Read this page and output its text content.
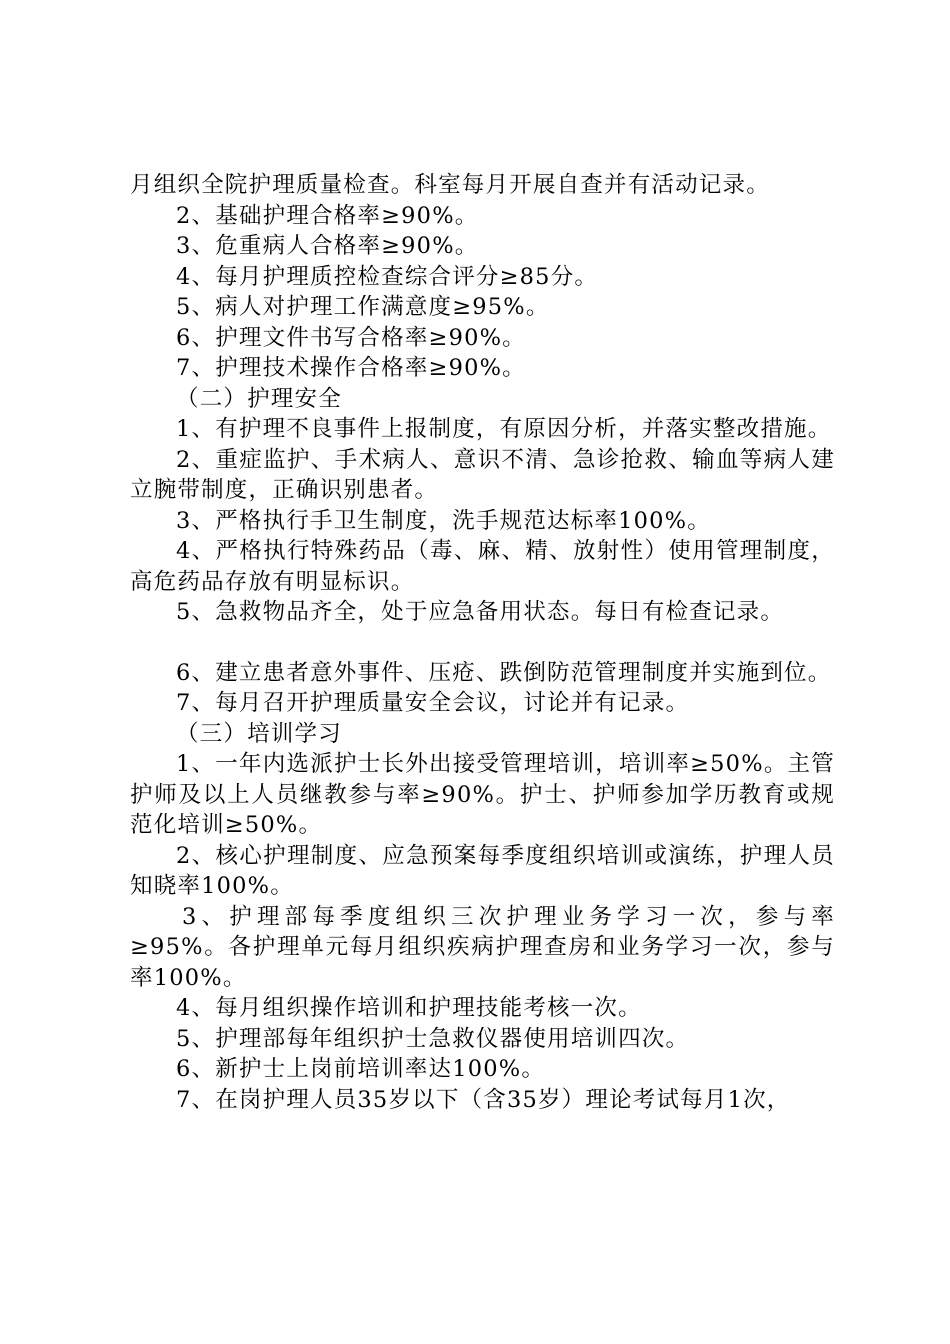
月组织全院护理质量检查。科室每月开展自查并有活动记录。

2、基础护理合格率≥90%。

3、危重病人合格率≥90%。

4、每月护理质控检查综合评分≥85分。

5、病人对护理工作满意度≥95%。

6、护理文件书写合格率≥90%。

7、护理技术操作合格率≥90%。

（二）护理安全

1、有护理不良事件上报制度，有原因分析，并落实整改措施。

2、重症监护、手术病人、意识不清、急诊抢救、输血等病人建立腕带制度，正确识别患者。

3、严格执行手卫生制度，洗手规范达标率100%。

4、严格执行特殊药品（毒、麻、精、放射性）使用管理制度，高危药品存放有明显标识。

5、急救物品齐全，处于应急备用状态。每日有检查记录。

6、建立患者意外事件、压疮、跌倒防范管理制度并实施到位。

7、每月召开护理质量安全会议，讨论并有记录。

（三）培训学习

1、一年内选派护士长外出接受管理培训，培训率≥50%。主管护师及以上人员继教参与率≥90%。护士、护师参加学历教育或规范化培训≥50%。

2、核心护理制度、应急预案每季度组织培训或演练，护理人员知晓率100%。

3、护理部每季度组织三次护理业务学习一次，参与率≥95%。各护理单元每月组织疾病护理查房和业务学习一次，参与率100%。

4、每月组织操作培训和护理技能考核一次。

5、护理部每年组织护士急救仪器使用培训四次。

6、新护士上岗前培训率达100%。

7、在岗护理人员35岁以下（含35岁）理论考试每月1次，
